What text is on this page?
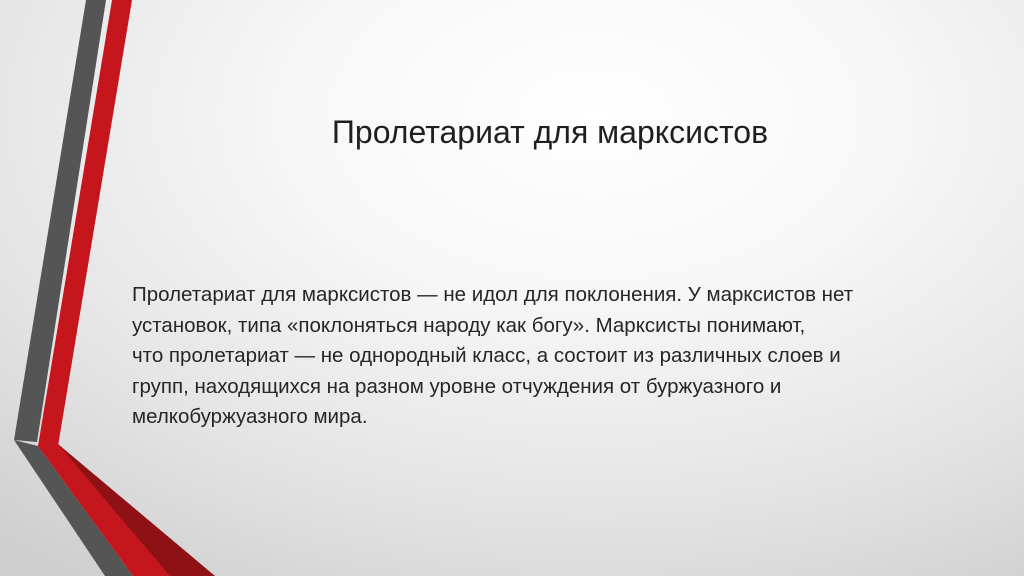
Пролетариат для марксистов

Пролетариат для марксистов — не идол для поклонения. У марксистов нет
установок, типа «поклоняться народу как богу». Марксисты понимают,
что пролетариат — не однородный класс, а состоит из различных слоев и
групп, находящихся на разном уровне отчуждения от буржуазного и
мелкобуржуазного мира.
